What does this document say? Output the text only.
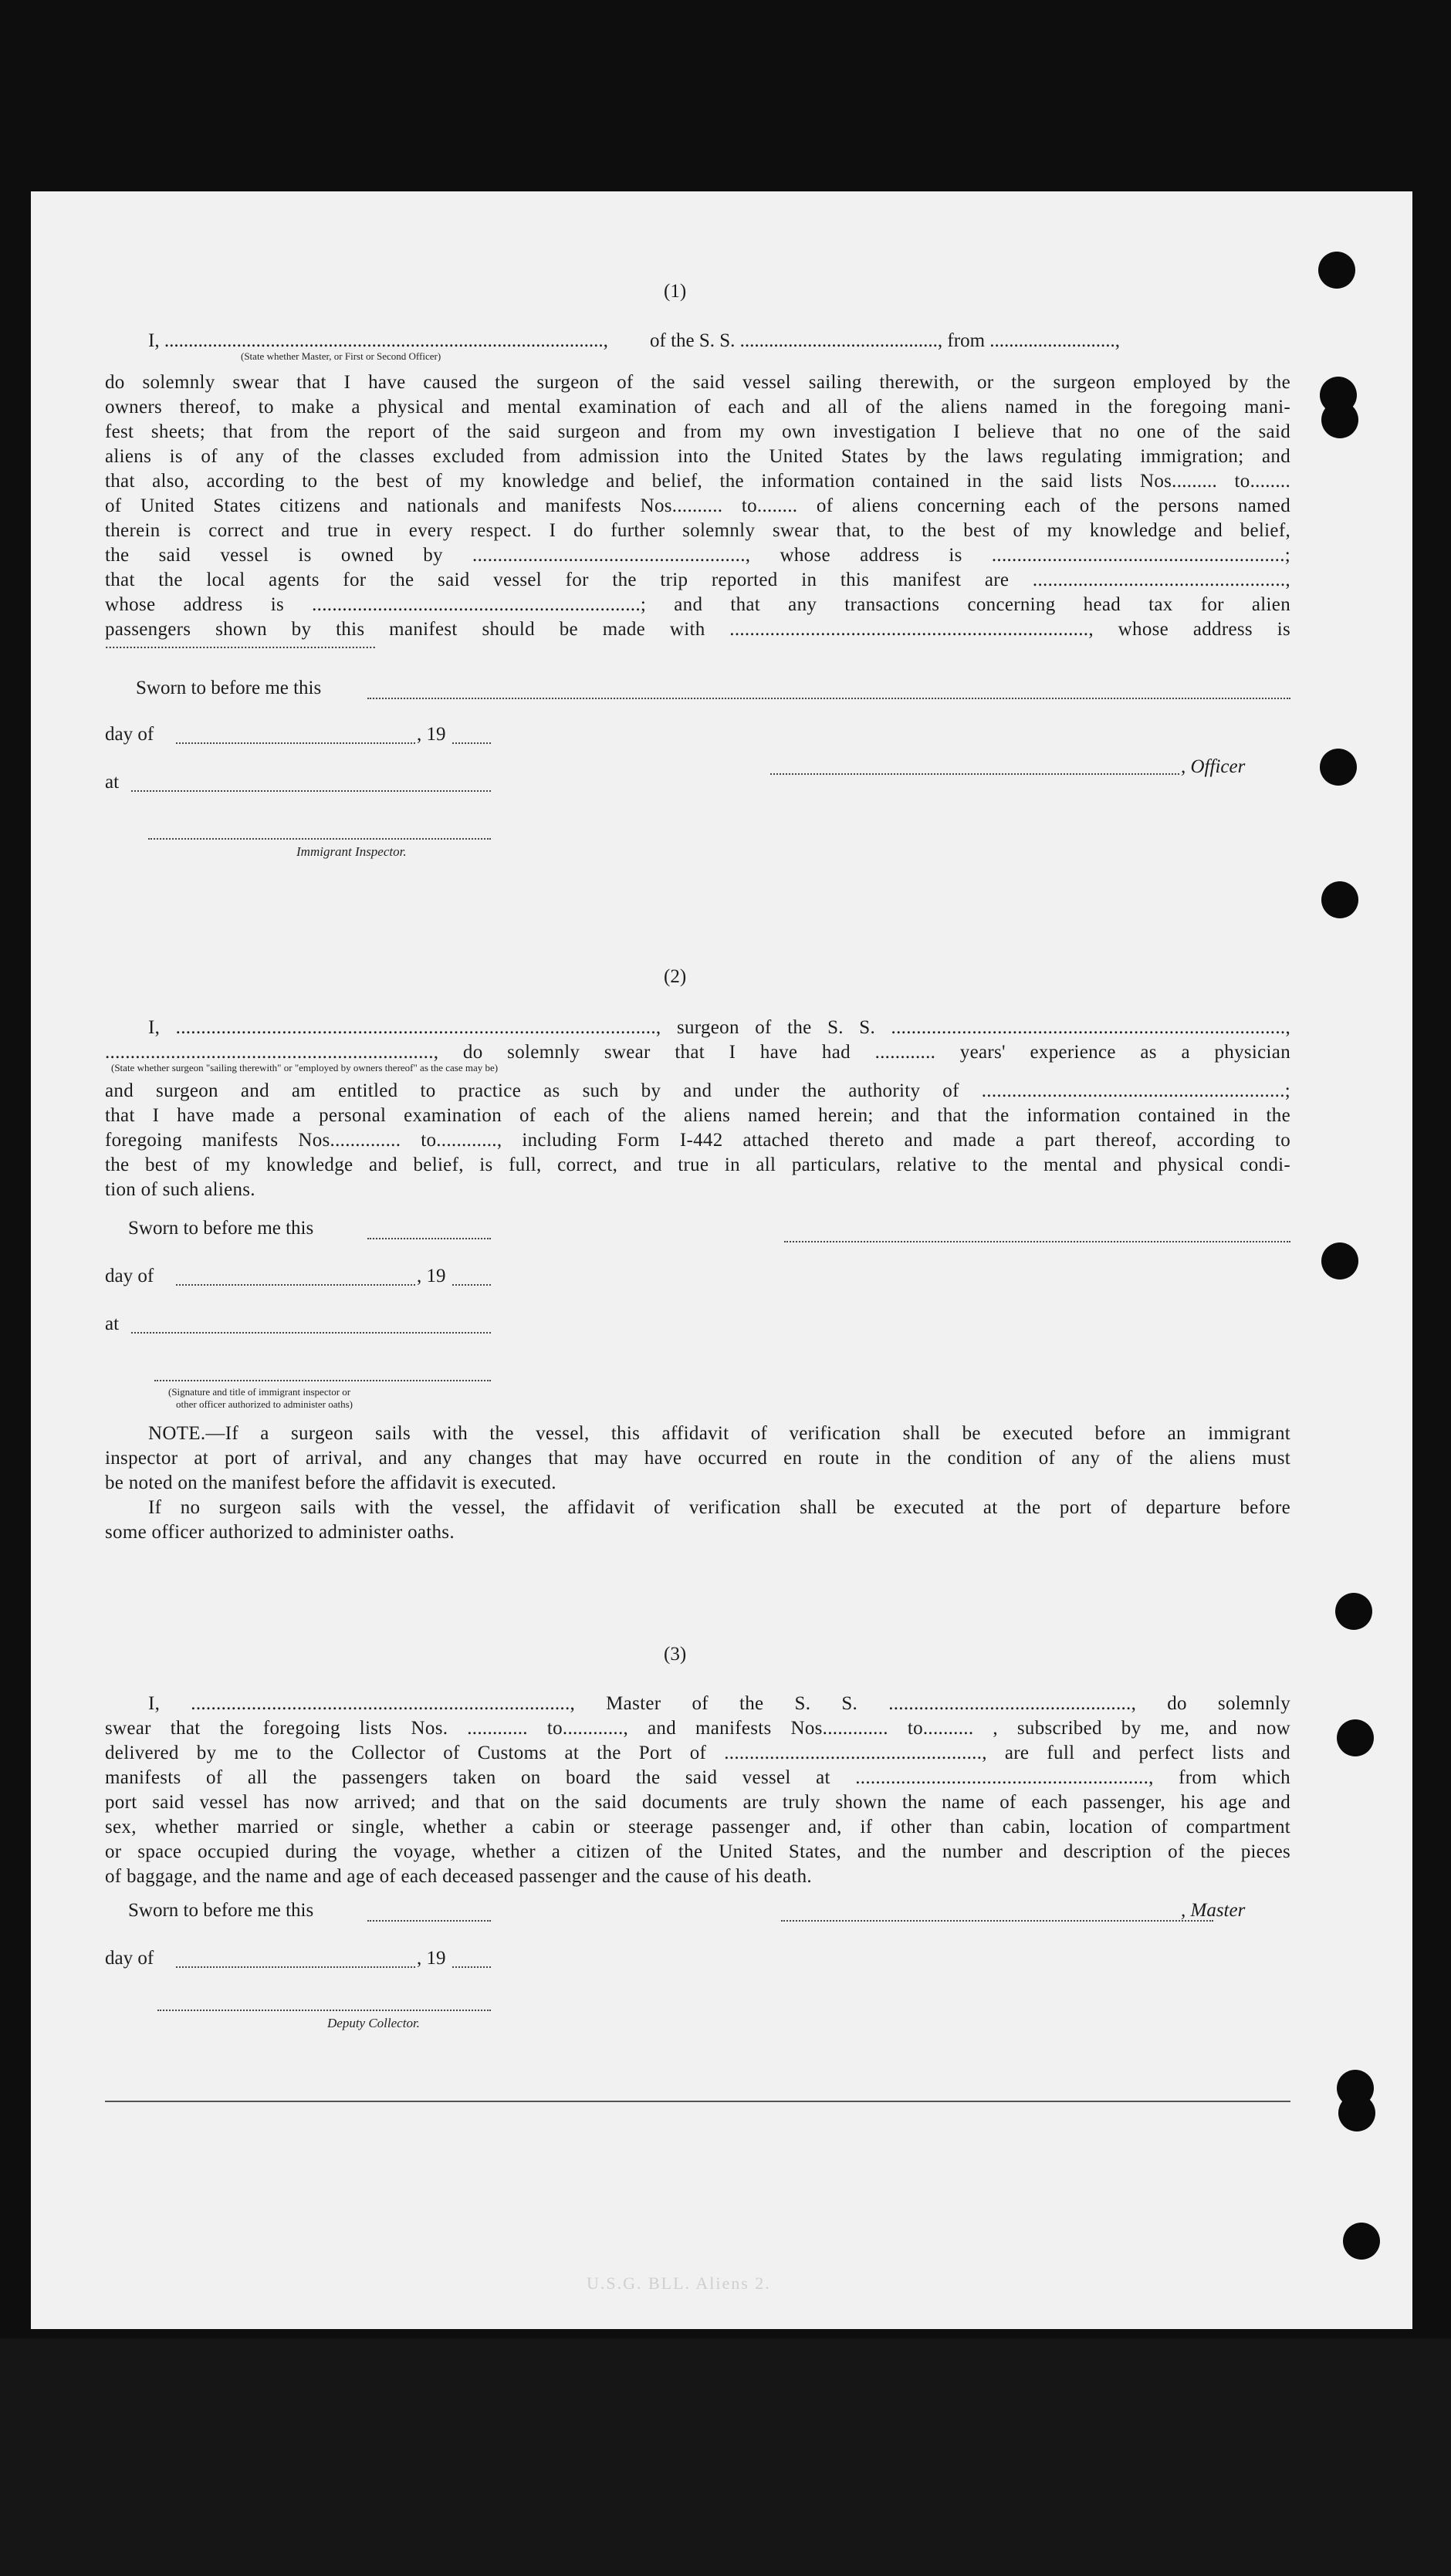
U.S.G. BLL. Aliens 2.
(1)
I, ..........................................................................................., of the S. S. ........................................., from ..........................,
(State whether Master, or First or Second Officer)
do solemnly swear that I have caused the surgeon of the said vessel sailing therewith, or the surgeon employed by the
owners thereof, to make a physical and mental examination of each and all of the aliens named in the foregoing mani-
fest sheets; that from the report of the said surgeon and from my own investigation I believe that no one of the said
aliens is of any of the classes excluded from admission into the United States by the laws regulating immigration; and
that also, according to the best of my knowledge and belief, the information contained in the said lists Nos......... to........
of United States citizens and nationals and manifests Nos.......... to........ of aliens concerning each of the persons named
therein is correct and true in every respect. I do further solemnly swear that, to the best of my knowledge and belief,
the said vessel is owned by ......................................................, whose address is ..........................................................;
that the local agents for the said vessel for the trip reported in this manifest are ..................................................,
whose address is .................................................................; and that any transactions concerning head tax for alien
passengers shown by this manifest should be made with ......................................................................., whose address is
..............................................................................
Sworn to before me this
day of	, 19
, Officer
at
Immigrant Inspector.
(2)
I, ..............................................................................................., surgeon of the S. S. ..............................................................................,
................................................................., do solemnly swear that I have had ............ years' experience as a physician
(State whether surgeon "sailing therewith" or "employed by owners thereof" as the case may be)
and surgeon and am entitled to practice as such by and under the authority of ............................................................;
that I have made a personal examination of each of the aliens named herein; and that the information contained in the
foregoing manifests Nos.............. to............, including Form I-442 attached thereto and made a part thereof, according to
the best of my knowledge and belief, is full, correct, and true in all particulars, relative to the mental and physical condi-
tion of such aliens.
Sworn to before me this
day of	, 19
at
(Signature and title of immigrant inspector or
other officer authorized to administer oaths)
NOTE.—If a surgeon sails with the vessel, this affidavit of verification shall be executed before an immigrant
inspector at port of arrival, and any changes that may have occurred en route in the condition of any of the aliens must
be noted on the manifest before the affidavit is executed.
If no surgeon sails with the vessel, the affidavit of verification shall be executed at the port of departure before
some officer authorized to administer oaths.
(3)
I, ..........................................................................., Master of the S. S. ................................................, do solemnly
swear that the foregoing lists Nos. ............ to............, and manifests Nos............. to.......... , subscribed by me, and now
delivered by me to the Collector of Customs at the Port of ..................................................., are full and perfect lists and
manifests of all the passengers taken on board the said vessel at .........................................................., from which
port said vessel has now arrived; and that on the said documents are truly shown the name of each passenger, his age and
sex, whether married or single, whether a cabin or steerage passenger and, if other than cabin, location of compartment
or space occupied during the voyage, whether a citizen of the United States, and the number and description of the pieces
of baggage, and the name and age of each deceased passenger and the cause of his death.
Sworn to before me this	, Master
day of	, 19
Deputy Collector.
